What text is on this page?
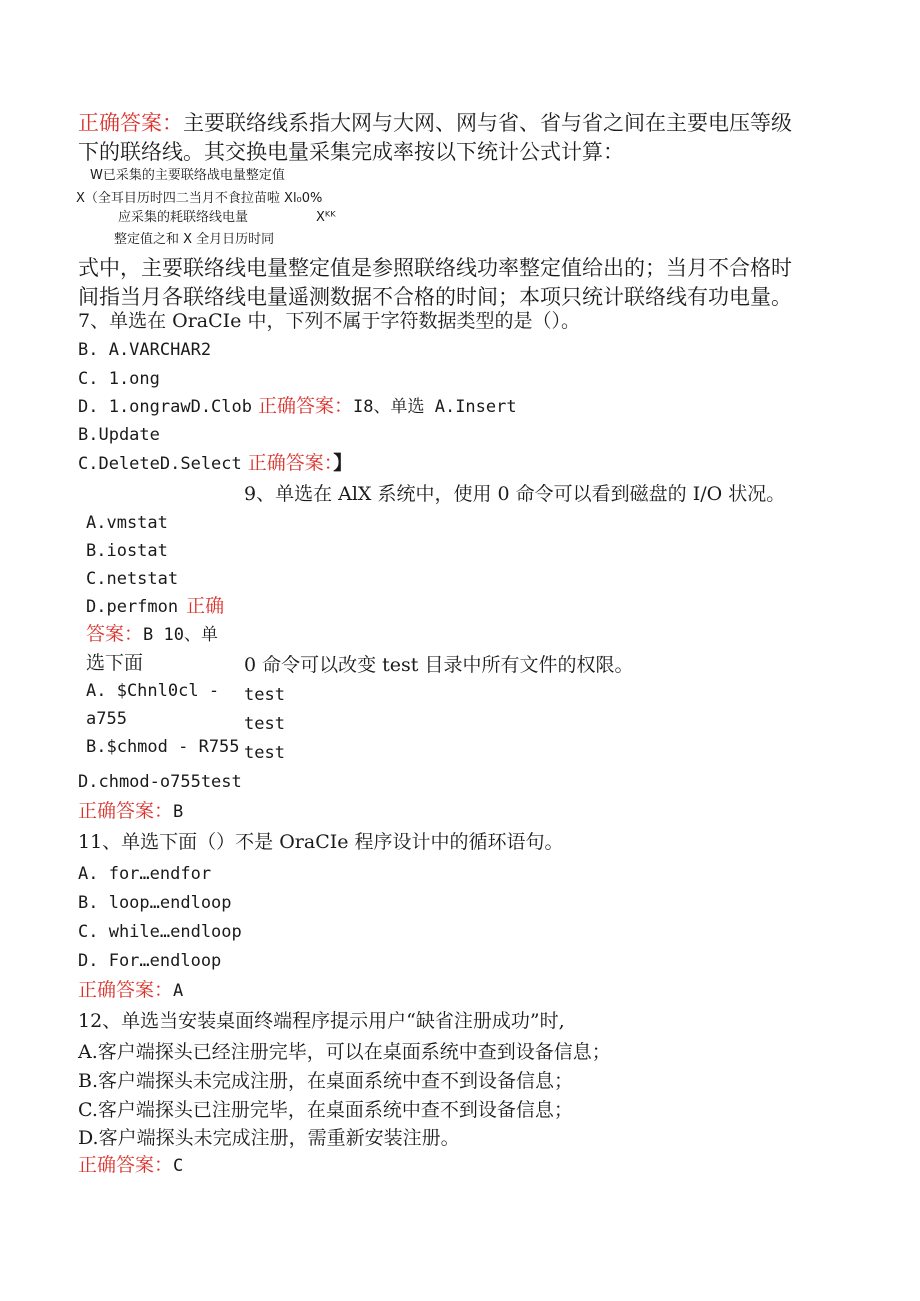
正确答案：主要联络线系指大网与大网、网与省、省与省之间在主要电压等级
下的联络线。其交换电量采集完成率按以下统计公式计算：
W已采集的主要联络战电量整定值
X（全耳目历时四二当月不食拉苗啦 Xl₀0%
应采集的耗联络线电量	Xᴷᴷ
整定值之和 X 全月日历时同
式中，主要联络线电量整定值是参照联络线功率整定值给出的；当月不合格时
间指当月各联络线电量遥测数据不合格的时间；本项只统计联络线有功电量。
7、单选在 OraCIe 中，下列不属于字符数据类型的是（）。
B. A.VARCHAR2
C. 1.ong
D. 1.ongrawD.Clob 正确答案：I8、单选 A.Insert
B.Update
C.DeleteD.Select 正确答案：】
9、单选在 AlX 系统中，使用 0 命令可以看到磁盘的 I/O 状况。
A.vmstat
B.iostat
C.netstat
D.perfmon 正确
答案：B 10、单
选下面	0 命令可以改变 test 目录中所有文件的权限。
A. $Chnl0cl -
a755
B.$chmod - R755
test
test
test
D.chmod-o755test
正确答案：B
11、单选下面（）不是 OraCIe 程序设计中的循环语句。
A. for…endfor
B. loop…endloop
C. while…endloop
D. For…endloop
正确答案：A
12、单选当安装桌面终端程序提示用户“缺省注册成功”时,
A.客户端探头已经注册完毕，可以在桌面系统中查到设备信息；
B.客户端探头未完成注册，在桌面系统中查不到设备信息；
C.客户端探头已注册完毕，在桌面系统中查不到设备信息；
D.客户端探头未完成注册，需重新安装注册。
正确答案：C
